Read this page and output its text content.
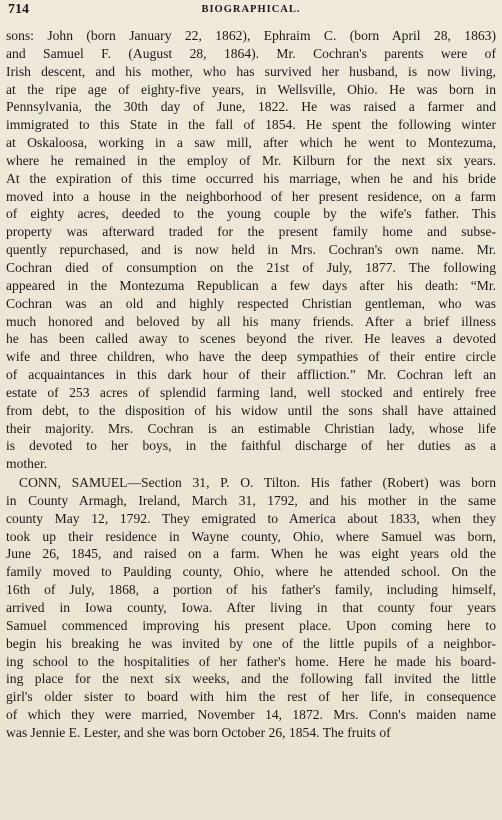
714	BIOGRAPHICAL.
sons: John (born January 22, 1862), Ephraim C. (born April 28, 1863)
and Samuel F. (August 28, 1864). Mr. Cochran's parents were of
Irish descent, and his mother, who has survived her husband, is now living,
at the ripe age of eighty-five years, in Wellsville, Ohio. He was born in
Pennsylvania, the 30th day of June, 1822. He was raised a farmer and
immigrated to this State in the fall of 1854. He spent the following winter
at Oskaloosa, working in a saw mill, after which he went to Montezuma,
where he remained in the employ of Mr. Kilburn for the next six years.
At the expiration of this time occurred his marriage, when he and his bride
moved into a house in the neighborhood of her present residence, on a farm
of eighty acres, deeded to the young couple by the wife's father. This
property was afterward traded for the present family home and subse-
quently repurchased, and is now held in Mrs. Cochran's own name. Mr.
Cochran died of consumption on the 21st of July, 1877. The following
appeared in the Montezuma Republican a few days after his death: “Mr.
Cochran was an old and highly respected Christian gentleman, who was
much honored and beloved by all his many friends. After a brief illness
he has been called away to scenes beyond the river. He leaves a devoted
wife and three children, who have the deep sympathies of their entire circle
of acquaintances in this dark hour of their affliction.” Mr. Cochran left an
estate of 253 acres of splendid farming land, well stocked and entirely free
from debt, to the disposition of his widow until the sons shall have attained
their majority. Mrs. Cochran is an estimable Christian lady, whose life
is devoted to her boys, in the faithful discharge of her duties as a
mother.
CONN, SAMUEL—Section 31, P. O. Tilton. His father (Robert) was born
in County Armagh, Ireland, March 31, 1792, and his mother in the same
county May 12, 1792. They emigrated to America about 1833, when they
took up their residence in Wayne county, Ohio, where Samuel was born,
June 26, 1845, and raised on a farm. When he was eight years old the
family moved to Paulding county, Ohio, where he attended school. On the
16th of July, 1868, a portion of his father's family, including himself,
arrived in Iowa county, Iowa. After living in that county four years
Samuel commenced improving his present place. Upon coming here to
begin his breaking he was invited by one of the little pupils of a neighbor-
ing school to the hospitalities of her father's home. Here he made his board-
ing place for the next six weeks, and the following fall invited the little
girl's older sister to board with him the rest of her life, in consequence
of which they were married, November 14, 1872. Mrs. Conn's maiden name
was Jennie E. Lester, and she was born October 26, 1854. The fruits of
